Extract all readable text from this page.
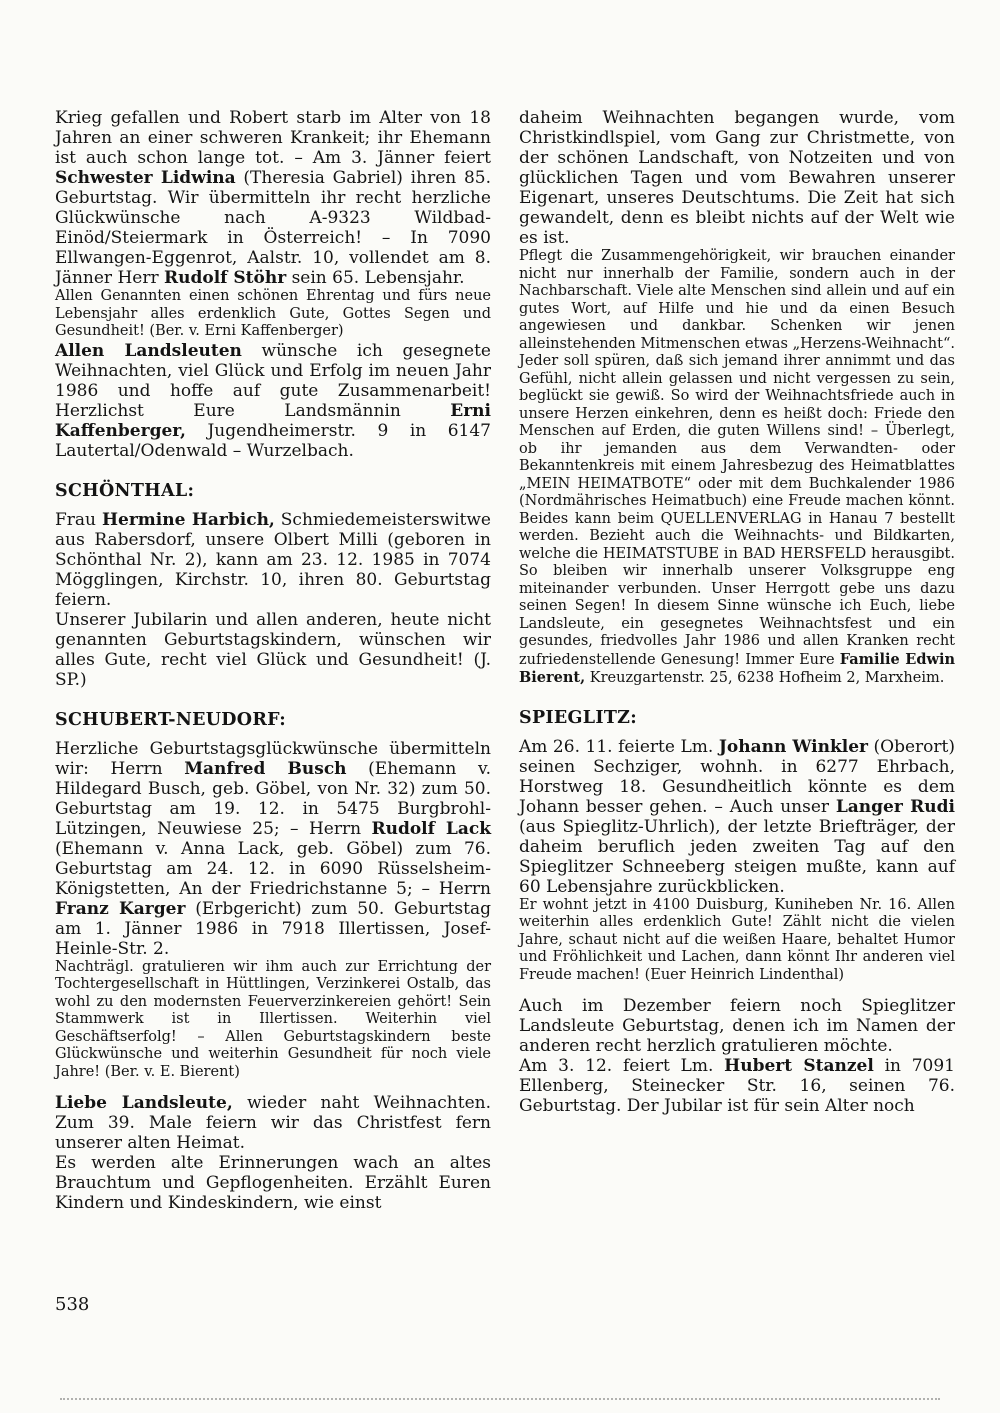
Krieg gefallen und Robert starb im Alter von 18 Jahren an einer schweren Krankeit; ihr Ehemann ist auch schon lange tot. – Am 3. Jänner feiert Schwester Lidwina (Theresia Gabriel) ihren 85. Geburtstag. Wir übermitteln ihr recht herzliche Glückwünsche nach A-9323 Wildbad-Einöd/Steiermark in Österreich! – In 7090 Ellwangen-Eggenrot, Aalstr. 10, vollendet am 8. Jänner Herr Rudolf Stöhr sein 65. Lebensjahr.

Allen Genannten einen schönen Ehrentag und fürs neue Lebensjahr alles erdenklich Gute, Gottes Segen und Gesundheit! (Ber. v. Erni Kaffenberger)

Allen Landsleuten wünsche ich gesegnete Weihnachten, viel Glück und Erfolg im neuen Jahr 1986 und hoffe auf gute Zusammenarbeit! Herzlichst Eure Landsmännin Erni Kaffenberger, Jugendheimerstr. 9 in 6147 Lautertal/Odenwald – Wurzelbach.

SCHÖNTHAL:

Frau Hermine Harbich, Schmiedemeisterswitwe aus Rabersdorf, unsere Olbert Milli (geboren in Schönthal Nr. 2), kann am 23. 12. 1985 in 7074 Mögglingen, Kirchstr. 10, ihren 80. Geburtstag feiern.

Unserer Jubilarin und allen anderen, heute nicht genannten Geburtstagskindern, wünschen wir alles Gute, recht viel Glück und Gesundheit! (J. SP.)

SCHUBERT-NEUDORF:

Herzliche Geburtstagsglückwünsche übermitteln wir: Herrn Manfred Busch (Ehemann v. Hildegard Busch, geb. Göbel, von Nr. 32) zum 50. Geburtstag am 19. 12. in 5475 Burgbrohl-Lützingen, Neuwiese 25; – Herrn Rudolf Lack (Ehemann v. Anna Lack, geb. Göbel) zum 76. Geburtstag am 24. 12. in 6090 Rüsselsheim-Königstetten, An der Friedrichstanne 5; – Herrn Franz Karger (Erbgericht) zum 50. Geburtstag am 1. Jänner 1986 in 7918 Illertissen, Josef-Heinle-Str. 2.

Nachträgl. gratulieren wir ihm auch zur Errichtung der Tochtergesellschaft in Hüttlingen, Verzinkerei Ostalb, das wohl zu den modernsten Feuerverzinkereien gehört! Sein Stammwerk ist in Illertissen. Weiterhin viel Geschäftserfolg! – Allen Geburtstagskindern beste Glückwünsche und weiterhin Gesundheit für noch viele Jahre! (Ber. v. E. Bierent)

Liebe Landsleute, wieder naht Weihnachten. Zum 39. Male feiern wir das Christfest fern unserer alten Heimat.

Es werden alte Erinnerungen wach an altes Brauchtum und Gepflogenheiten. Erzählt Euren Kindern und Kindeskindern, wie einst

daheim Weihnachten begangen wurde, vom Christkindlspiel, vom Gang zur Christmette, von der schönen Landschaft, von Notzeiten und von glücklichen Tagen und vom Bewahren unserer Eigenart, unseres Deutschtums. Die Zeit hat sich gewandelt, denn es bleibt nichts auf der Welt wie es ist.

Pflegt die Zusammengehörigkeit, wir brauchen einander nicht nur innerhalb der Familie, sondern auch in der Nachbarschaft. Viele alte Menschen sind allein und auf ein gutes Wort, auf Hilfe und hie und da einen Besuch angewiesen und dankbar. Schenken wir jenen alleinstehenden Mitmenschen etwas „Herzens-Weihnacht“. Jeder soll spüren, daß sich jemand ihrer annimmt und das Gefühl, nicht allein gelassen und nicht vergessen zu sein, beglückt sie gewiß. So wird der Weihnachtsfriede auch in unsere Herzen einkehren, denn es heißt doch: Friede den Menschen auf Erden, die guten Willens sind! – Überlegt, ob ihr jemanden aus dem Verwandten- oder Bekanntenkreis mit einem Jahresbezug des Heimatblattes „MEIN HEIMATBOTE“ oder mit dem Buchkalender 1986 (Nordmährisches Heimatbuch) eine Freude machen könnt. Beides kann beim QUELLENVERLAG in Hanau 7 bestellt werden. Bezieht auch die Weihnachts- und Bildkarten, welche die HEIMATSTUBE in BAD HERSFELD herausgibt. So bleiben wir innerhalb unserer Volksgruppe eng miteinander verbunden. Unser Herrgott gebe uns dazu seinen Segen! In diesem Sinne wünsche ich Euch, liebe Landsleute, ein gesegnetes Weihnachtsfest und ein gesundes, friedvolles Jahr 1986 und allen Kranken recht zufriedenstellende Genesung! Immer Eure Familie Edwin Bierent, Kreuzgartenstr. 25, 6238 Hofheim 2, Marxheim.

SPIEGLITZ:

Am 26. 11. feierte Lm. Johann Winkler (Oberort) seinen Sechziger, wohnh. in 6277 Ehrbach, Horstweg 18. Gesundheitlich könnte es dem Johann besser gehen. – Auch unser Langer Rudi (aus Spieglitz-Uhrlich), der letzte Briefträger, der daheim beruflich jeden zweiten Tag auf den Spieglitzer Schneeberg steigen mußte, kann auf 60 Lebensjahre zurückblicken.

Er wohnt jetzt in 4100 Duisburg, Kuniheben Nr. 16. Allen weiterhin alles erdenklich Gute! Zählt nicht die vielen Jahre, schaut nicht auf die weißen Haare, behaltet Humor und Fröhlichkeit und Lachen, dann könnt Ihr anderen viel Freude machen! (Euer Heinrich Lindenthal)

Auch im Dezember feiern noch Spieglitzer Landsleute Geburtstag, denen ich im Namen der anderen recht herzlich gratulieren möchte.

Am 3. 12. feiert Lm. Hubert Stanzel in 7091 Ellenberg, Steinecker Str. 16, seinen 76. Geburtstag. Der Jubilar ist für sein Alter noch

538
